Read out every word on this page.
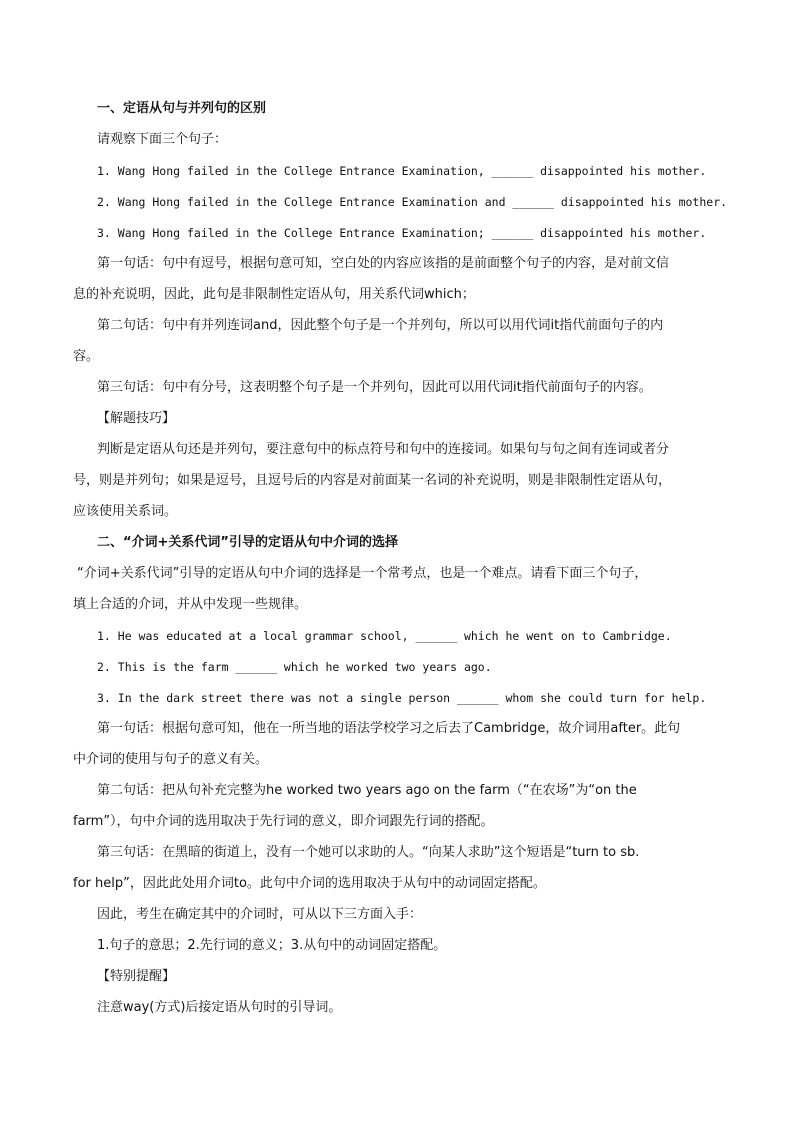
一、定语从句与并列句的区别
请观察下面三个句子：
1. Wang Hong failed in the College Entrance Examination, ______ disappointed his mother.
2. Wang Hong failed in the College Entrance Examination and ______ disappointed his mother.
3. Wang Hong failed in the College Entrance Examination; ______ disappointed his mother.
第一句话：句中有逗号，根据句意可知，空白处的内容应该指的是前面整个句子的内容，是对前文信
息的补充说明，因此，此句是非限制性定语从句，用关系代词which；
第二句话：句中有并列连词and，因此整个句子是一个并列句，所以可以用代词it指代前面句子的内
容。
第三句话：句中有分号，这表明整个句子是一个并列句，因此可以用代词it指代前面句子的内容。
【解题技巧】
判断是定语从句还是并列句，要注意句中的标点符号和句中的连接词。如果句与句之间有连词或者分
号，则是并列句；如果是逗号，且逗号后的内容是对前面某一名词的补充说明，则是非限制性定语从句，
应该使用关系词。
二、“介词+关系代词”引导的定语从句中介词的选择
“介词+关系代词”引导的定语从句中介词的选择是一个常考点，也是一个难点。请看下面三个句子，
填上合适的介词，并从中发现一些规律。
1. He was educated at a local grammar school, ______ which he went on to Cambridge.
2. This is the farm ______ which he worked two years ago.
3. In the dark street there was not a single person ______ whom she could turn for help.
第一句话：根据句意可知，他在一所当地的语法学校学习之后去了Cambridge，故介词用after。此句
中介词的使用与句子的意义有关。
第二句话：把从句补充完整为he worked two years ago on the farm（“在农场”为“on the
farm”），句中介词的选用取决于先行词的意义，即介词跟先行词的搭配。
第三句话：在黑暗的街道上，没有一个她可以求助的人。“向某人求助”这个短语是“turn to sb.
for help”，因此此处用介词to。此句中介词的选用取决于从句中的动词固定搭配。
因此，考生在确定其中的介词时，可从以下三方面入手：
1.句子的意思；2.先行词的意义；3.从句中的动词固定搭配。
【特别提醒】
注意way(方式)后接定语从句时的引导词。
